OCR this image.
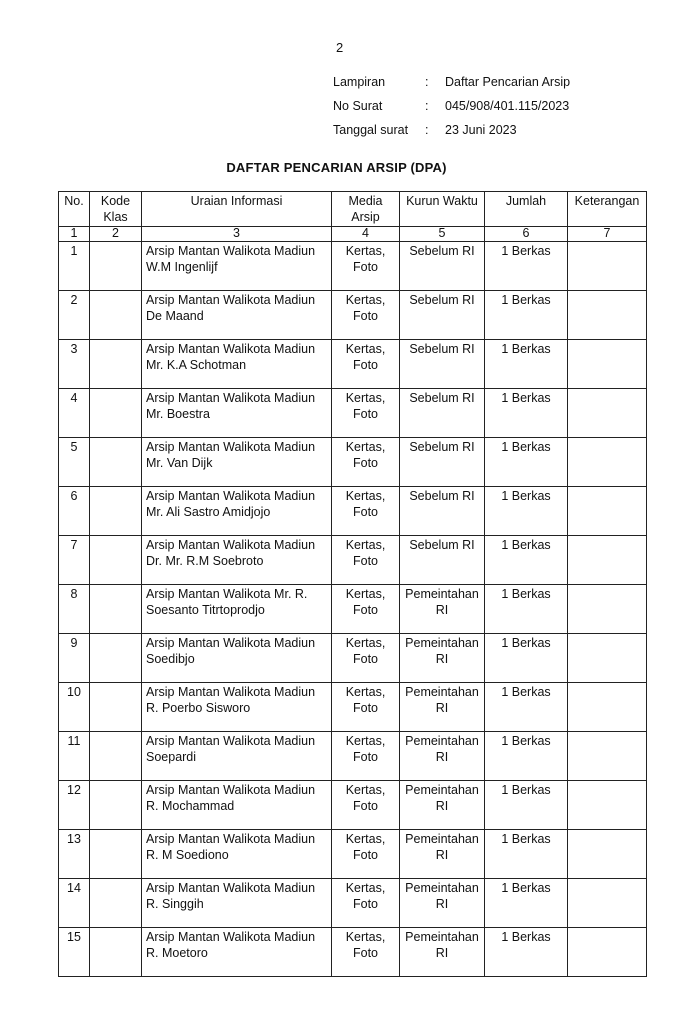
2
Lampiran	:	Daftar Pencarian Arsip
No Surat	:	045/908/401.115/2023
Tanggal surat	:	23 Juni 2023
DAFTAR PENCARIAN ARSIP (DPA)
No.	Kode Klas	Uraian Informasi	Media Arsip	Kurun Waktu	Jumlah	Keterangan
1	2	3	4	5	6	7
1		Arsip Mantan Walikota Madiun W.M Ingenlijf	Kertas, Foto	Sebelum RI	1 Berkas	
2		Arsip Mantan Walikota Madiun De Maand	Kertas, Foto	Sebelum RI	1 Berkas	
3		Arsip Mantan Walikota Madiun Mr. K.A Schotman	Kertas, Foto	Sebelum RI	1 Berkas	
4		Arsip Mantan Walikota Madiun Mr. Boestra	Kertas, Foto	Sebelum RI	1 Berkas	
5		Arsip Mantan Walikota Madiun Mr. Van Dijk	Kertas, Foto	Sebelum RI	1 Berkas	
6		Arsip Mantan Walikota Madiun Mr. Ali Sastro Amidjojo	Kertas, Foto	Sebelum RI	1 Berkas	
7		Arsip Mantan Walikota Madiun Dr. Mr. R.M Soebroto	Kertas, Foto	Sebelum RI	1 Berkas	
8		Arsip Mantan Walikota Mr. R. Soesanto Titrtoprodjo	Kertas, Foto	Pemeintahan RI	1 Berkas	
9		Arsip Mantan Walikota Madiun Soedibjo	Kertas, Foto	Pemeintahan RI	1 Berkas	
10		Arsip Mantan Walikota Madiun R. Poerbo Sisworo	Kertas, Foto	Pemeintahan RI	1 Berkas	
11		Arsip Mantan Walikota Madiun Soepardi	Kertas, Foto	Pemeintahan RI	1 Berkas	
12		Arsip Mantan Walikota Madiun R. Mochammad	Kertas, Foto	Pemeintahan RI	1 Berkas	
13		Arsip Mantan Walikota Madiun R. M Soediono	Kertas, Foto	Pemeintahan RI	1 Berkas	
14		Arsip Mantan Walikota Madiun R. Singgih	Kertas, Foto	Pemeintahan RI	1 Berkas	
15		Arsip Mantan Walikota Madiun R. Moetoro	Kertas, Foto	Pemeintahan RI	1 Berkas	
